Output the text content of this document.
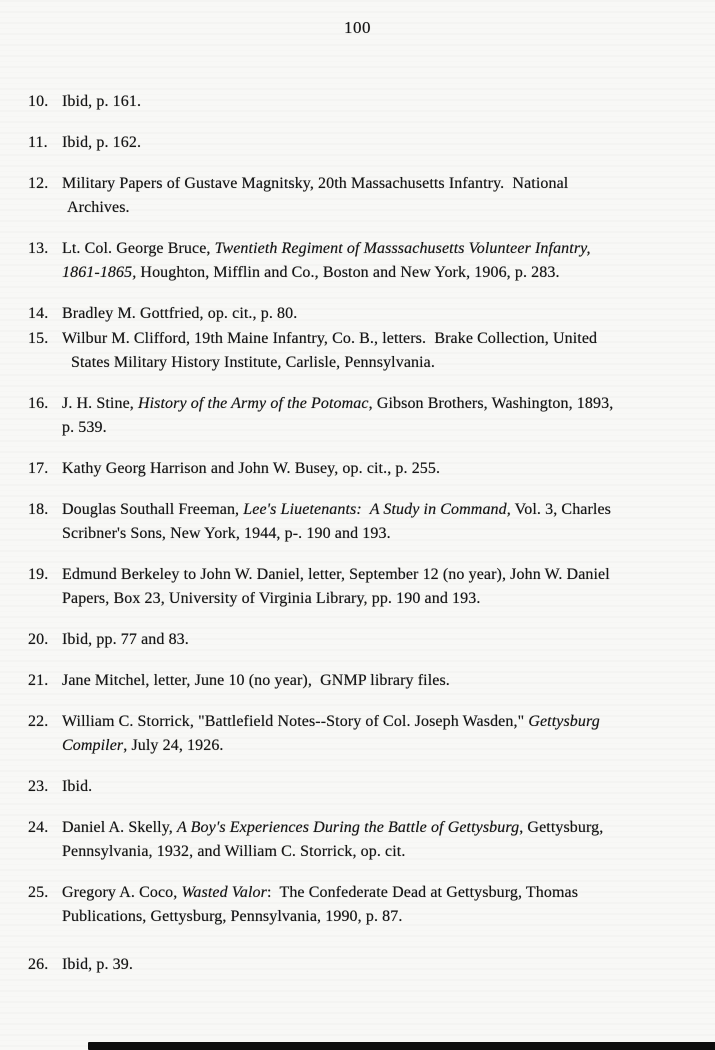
100
10. Ibid, p. 161.
11. Ibid, p. 162.
12. Military Papers of Gustave Magnitsky, 20th Massachusetts Infantry.  National
Archives.
13. Lt. Col. George Bruce, Twentieth Regiment of Masssachusetts Volunteer Infantry,
1861-1865, Houghton, Mifflin and Co., Boston and New York, 1906, p. 283.
14. Bradley M. Gottfried, op. cit., p. 80.
15. Wilbur M. Clifford, 19th Maine Infantry, Co. B., letters.  Brake Collection, United
States Military History Institute, Carlisle, Pennsylvania.
16. J. H. Stine, History of the Army of the Potomac, Gibson Brothers, Washington, 1893,
p. 539.
17. Kathy Georg Harrison and John W. Busey, op. cit., p. 255.
18. Douglas Southall Freeman, Lee's Liuetenants:  A Study in Command, Vol. 3, Charles
Scribner's Sons, New York, 1944, p-. 190 and 193.
19. Edmund Berkeley to John W. Daniel, letter, September 12 (no year), John W. Daniel
Papers, Box 23, University of Virginia Library, pp. 190 and 193.
20. Ibid, pp. 77 and 83.
21. Jane Mitchel, letter, June 10 (no year),  GNMP library files.
22. William C. Storrick, "Battlefield Notes--Story of Col. Joseph Wasden," Gettysburg
Compiler, July 24, 1926.
23. Ibid.
24. Daniel A. Skelly, A Boy's Experiences During the Battle of Gettysburg, Gettysburg,
Pennsylvania, 1932, and William C. Storrick, op. cit.
25. Gregory A. Coco, Wasted Valor:  The Confederate Dead at Gettysburg, Thomas
Publications, Gettysburg, Pennsylvania, 1990, p. 87.
26. Ibid, p. 39.
